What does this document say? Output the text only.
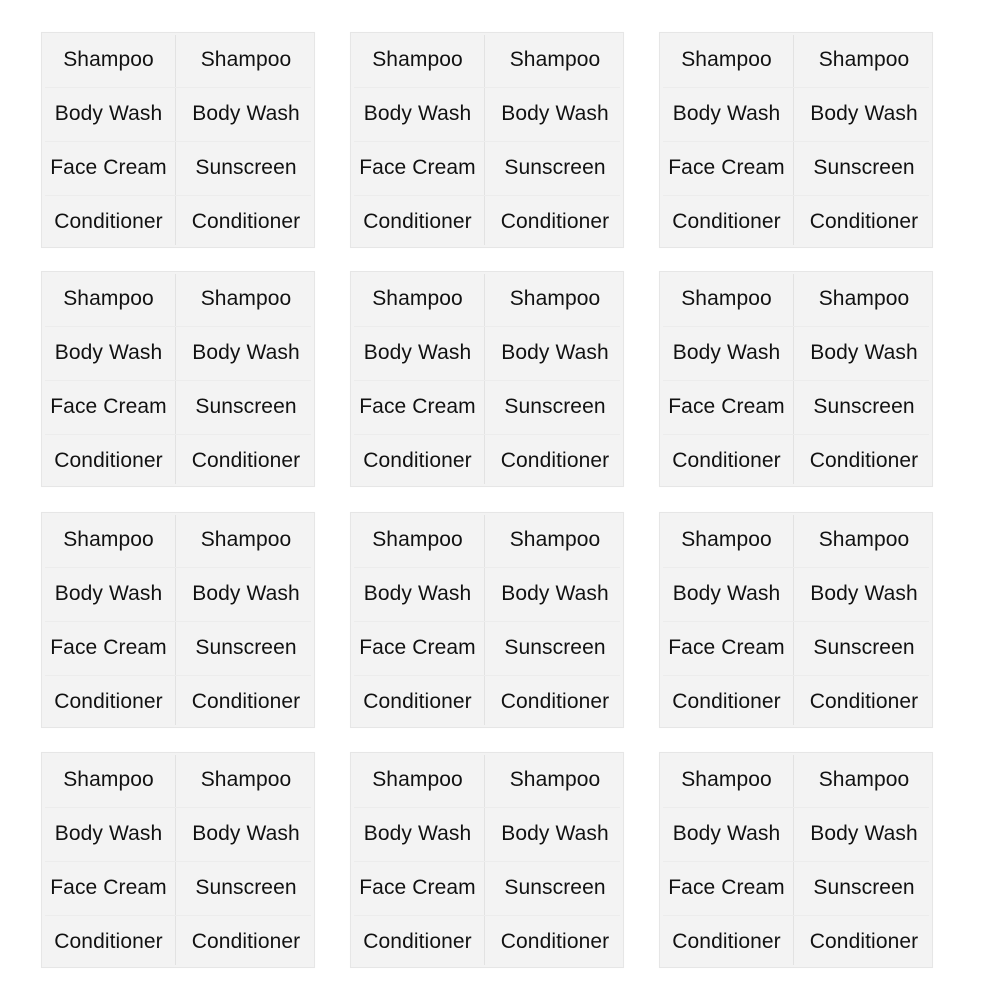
Shampoo	Shampoo
Body Wash	Body Wash
Face Cream	Sunscreen
Conditioner	Conditioner
Shampoo	Shampoo
Body Wash	Body Wash
Face Cream	Sunscreen
Conditioner	Conditioner
Shampoo	Shampoo
Body Wash	Body Wash
Face Cream	Sunscreen
Conditioner	Conditioner
Shampoo	Shampoo
Body Wash	Body Wash
Face Cream	Sunscreen
Conditioner	Conditioner
Shampoo	Shampoo
Body Wash	Body Wash
Face Cream	Sunscreen
Conditioner	Conditioner
Shampoo	Shampoo
Body Wash	Body Wash
Face Cream	Sunscreen
Conditioner	Conditioner
Shampoo	Shampoo
Body Wash	Body Wash
Face Cream	Sunscreen
Conditioner	Conditioner
Shampoo	Shampoo
Body Wash	Body Wash
Face Cream	Sunscreen
Conditioner	Conditioner
Shampoo	Shampoo
Body Wash	Body Wash
Face Cream	Sunscreen
Conditioner	Conditioner
Shampoo	Shampoo
Body Wash	Body Wash
Face Cream	Sunscreen
Conditioner	Conditioner
Shampoo	Shampoo
Body Wash	Body Wash
Face Cream	Sunscreen
Conditioner	Conditioner
Shampoo	Shampoo
Body Wash	Body Wash
Face Cream	Sunscreen
Conditioner	Conditioner
